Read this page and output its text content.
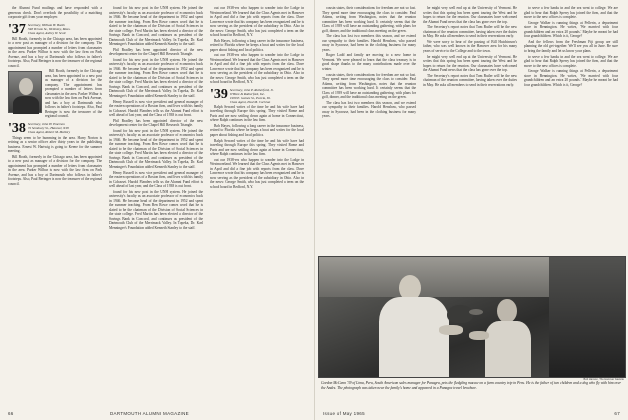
the Alumni Fund mailings and have responded with a generous check. Don't overlook the possibility of a matching corporate gift from your employer.

'37 Secretary, William H. Booth
348 Vernon St., Wellesley, Mass.
Class Agent, Ashley W. Scott

Bill Booth, formerly in the Chicago area, has been appointed to a new post as manager of a division for the company. The appointment has prompted a number of letters from classmates in the area. Parker Wilbur is now with the law firm on Park Avenue, and has a boy at Dartmouth who follows in father's footsteps. Also, Paul Beringer is now the treasurer of the regional council.

Bill Booth, formerly in the Chicago area, has been appointed to a new post as manager of a division for the company. The appointment has prompted a number of letters from classmates in the area. Parker Wilbur is now with the law firm on Park Avenue, and has a boy at Dartmouth who follows in father's footsteps. Also, Paul Beringer is now the treasurer of the regional council.

'38 Secretary, John H. Emerson
72 Seminary St., Hanover, N.H.
Class Agent, Robert M. Mallory

Things seem to be humming in the area. Harry Norton is retiring as a senior officer after thirty years in the publishing business. Ernest W. Hartwig is going to Keene for the summer meeting.

Bill Booth, formerly in the Chicago area, has been appointed to a new post as manager of a division for the company. The appointment has prompted a number of letters from classmates in the area. Parker Wilbur is now with the law firm on Park Avenue, and has a boy at Dartmouth who follows in father's footsteps. Also, Paul Beringer is now the treasurer of the regional council.

found for his new post in the UNH system. He joined the university's faculty as an associate professor of economics back in 1946. He became head of the department in 1952 and spent the summer teaching. From Ben Rowe comes word that he is slated to be the chairman of the Division of Social Sciences in the state college. Fred Martin has been elected a director of the Savings Bank in Concord, and continues as president of the Dartmouth Club of the Merrimack Valley. In Topeka, Dr. Karl Menninger's Foundation added Kenneth Stanley to the staff.

Phil Bradley has been appointed director of the new development center for the Chapel Hill Research Triangle.

found for his new post in the UNH system. He joined the university's faculty as an associate professor of economics back in 1946. He became head of the department in 1952 and spent the summer teaching. From Ben Rowe comes word that he is slated to be the chairman of the Division of Social Sciences in the state college. Fred Martin has been elected a director of the Savings Bank in Concord, and continues as president of the Dartmouth Club of the Merrimack Valley. In Topeka, Dr. Karl Menninger's Foundation added Kenneth Stanley to the staff.

Henry Russell is now vice president and general manager of the eastern operations of a Boston firm, and lives with his family in Cohasset. Harold Flanders tells us the Alumni Fund effort is well ahead of last year, and the Class of 1938 is out front.

Phil Bradley has been appointed director of the new development center for the Chapel Hill Research Triangle.

found for his new post in the UNH system. He joined the university's faculty as an associate professor of economics back in 1946. He became head of the department in 1952 and spent the summer teaching. From Ben Rowe comes word that he is slated to be the chairman of the Division of Social Sciences in the state college. Fred Martin has been elected a director of the Savings Bank in Concord, and continues as president of the Dartmouth Club of the Merrimack Valley. In Topeka, Dr. Karl Menninger's Foundation added Kenneth Stanley to the staff.

Henry Russell is now vice president and general manager of the eastern operations of a Boston firm, and lives with his family in Cohasset. Harold Flanders tells us the Alumni Fund effort is well ahead of last year, and the Class of 1938 is out front.

found for his new post in the UNH system. He joined the university's faculty as an associate professor of economics back in 1946. He became head of the department in 1952 and spent the summer teaching. From Ben Rowe comes word that he is slated to be the chairman of the Division of Social Sciences in the state college. Fred Martin has been elected a director of the Savings Bank in Concord, and continues as president of the Dartmouth Club of the Merrimack Valley. In Topeka, Dr. Karl Menninger's Foundation added Kenneth Stanley to the staff.

out our 1938-ers who happen to wander into the Lodge in Westmoreland. We learned that the Class Agents met in Hanover in April and did a fine job with reports from the class. Dave Lawrence wrote that his company has been reorganized and he is now serving as the president of the subsidiary in Ohio. Also in the news: George Smith, who has just completed a term on the school board in Bedford, N.Y.

Bob Hayes, following a long career in the insurance business, retired to Florida where he keeps a boat and writes for the local paper about fishing and local politics.

out our 1938-ers who happen to wander into the Lodge in Westmoreland. We learned that the Class Agents met in Hanover in April and did a fine job with reports from the class. Dave Lawrence wrote that his company has been reorganized and he is now serving as the president of the subsidiary in Ohio. Also in the news: George Smith, who has just completed a term on the school board in Bedford, N.Y.

'39 Secretary, John P. Rutherford, Jr.
O'Hare & Rutherford, Inc.
1900 E. Gaines St., Peoria, Ill.
Class Agent, Paul M. Cochran

Ralph Seward writes of the time he and his wife have had traveling through Europe this spring. They visited Rome and Paris and are now settling down again at home in Connecticut, where Ralph continues in the law firm.

Bob Hayes, following a long career in the insurance business, retired to Florida where he keeps a boat and writes for the local paper about fishing and local politics.

Ralph Seward writes of the time he and his wife have had traveling through Europe this spring. They visited Rome and Paris and are now settling down again at home in Connecticut, where Ralph continues in the law firm.

out our 1938-ers who happen to wander into the Lodge in Westmoreland. We learned that the Class Agents met in Hanover in April and did a fine job with reports from the class. Dave Lawrence wrote that his company has been reorganized and he is now serving as the president of the subsidiary in Ohio. Also in the news: George Smith, who has just completed a term on the school board in Bedford, N.Y.

66	DARTMOUTH ALUMNI MAGAZINE

cousin states, their considerations for freedom are not so fast. They spend more time encouraging the class to consider. Paul Adams, writing from Washington, notes that the reunion committee has been working hard. It certainly seems that the Class of 1939 will have an outstanding gathering, with plans for golf, dinner, and the traditional class meeting on the green.

The class has lost two members this season, and we extend our sympathy to their families. Harold Henshaw, who passed away in Syracuse, had been in the clothing business for many years.

Roger Ladd and family are moving to a new home in Vermont. We were pleased to learn that the class treasury is in good shape thanks to the many contributions made over the winter.

cousin states, their considerations for freedom are not so fast. They spend more time encouraging the class to consider. Paul Adams, writing from Washington, notes that the reunion committee has been working hard. It certainly seems that the Class of 1939 will have an outstanding gathering, with plans for golf, dinner, and the traditional class meeting on the green.

The class has lost two members this season, and we extend our sympathy to their families. Harold Henshaw, who passed away in Syracuse, had been in the clothing business for many years.

he might very well end up at the University of Vermont. He writes that this spring has been spent touring the West and he hopes to return for the reunion. Our classmates have welcomed the Alumni Fund news that the class has gone over the top.

The Secretary's report notes that Tom Butler will be the new chairman of the reunion committee, having taken over the duties in May. He asks all members to send in their reservations early.

We were sorry to hear of the passing of Bill Hutchinson's father, who was well known in the Hanover area for his many years of service to the College and to the town.

he might very well end up at the University of Vermont. He writes that this spring has been spent touring the West and he hopes to return for the reunion. Our classmates have welcomed the Alumni Fund news that the class has gone over the top.

The Secretary's report notes that Tom Butler will be the new chairman of the reunion committee, having taken over the duties in May. He asks all members to send in their reservations early.

to serve a few banks in and the sea went to college. We are glad to hear that Ralph Sperry has joined the firm, and that the move to the new offices is complete.

George Walker is running things at Pellerin, a department store in Bennington. He writes, 'We married with four grandchildren and an extra 20 pounds.' Maybe he meant he had four grandchildren. Which is it, George?

And the fellows from the Freshman Fiji group are still planning the old get-together. We'll see you all in June. Be sure to bring the family and let us know your plans.

to serve a few banks in and the sea went to college. We are glad to hear that Ralph Sperry has joined the firm, and that the move to the new offices is complete.

George Walker is running things at Pellerin, a department store in Bennington. He writes, 'We married with four grandchildren and an extra 20 pounds.' Maybe he meant he had four grandchildren. Which is it, George?

Bob Hanson, The Hanover Gazette
Gordon McCann '39 of Lima, Peru, South American sales manager for Panagra, pets the fledgling macaw on a farm country trip in Peru. He is the father of two children and a dog who fly with him over the Andes. The photograph was taken near the family's home and appeared in a Panagra travel brochure.
Issue of May 1965	67
